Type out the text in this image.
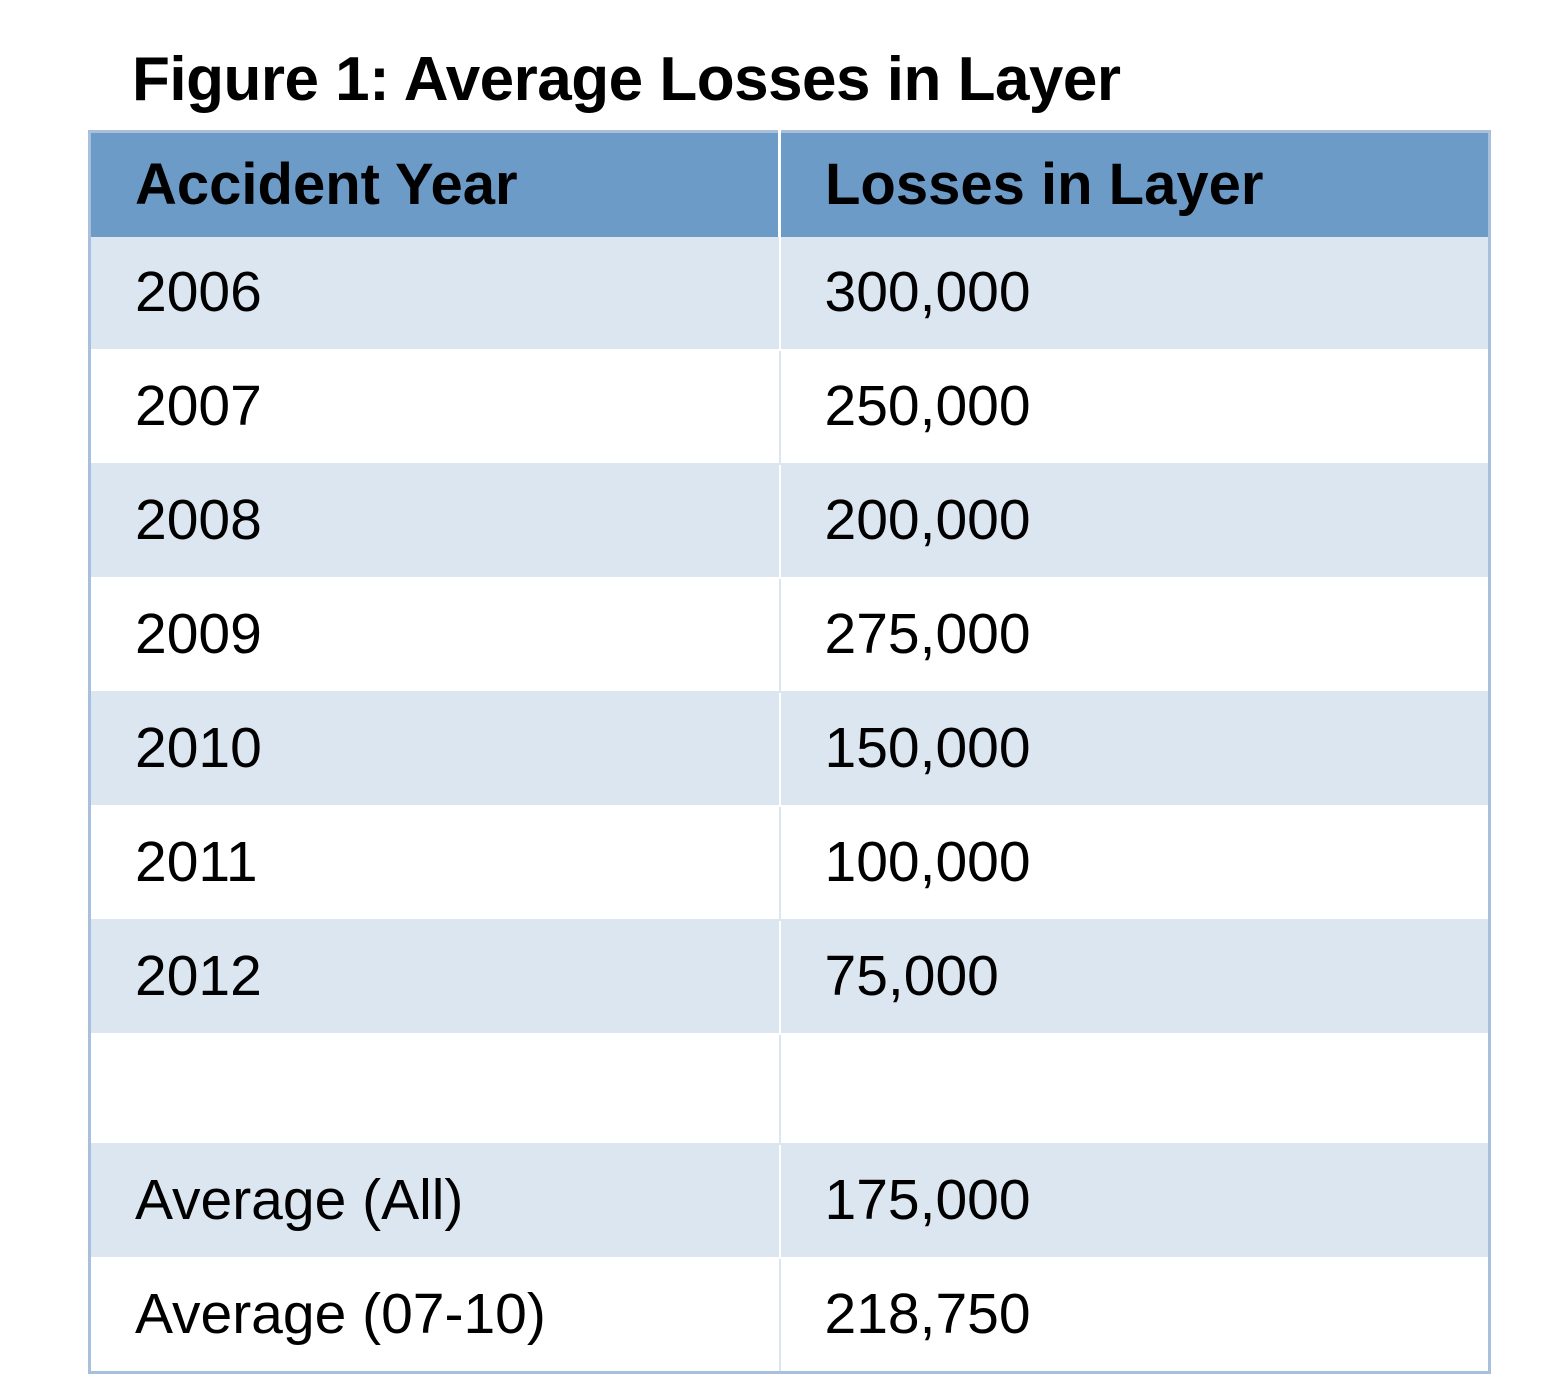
Figure 1: Average Losses in Layer
Accident Year	Losses in Layer
2006	300,000
2007	250,000
2008	200,000
2009	275,000
2010	150,000
2011	100,000
2012	75,000

Average (All)	175,000
Average (07-10)	218,750
